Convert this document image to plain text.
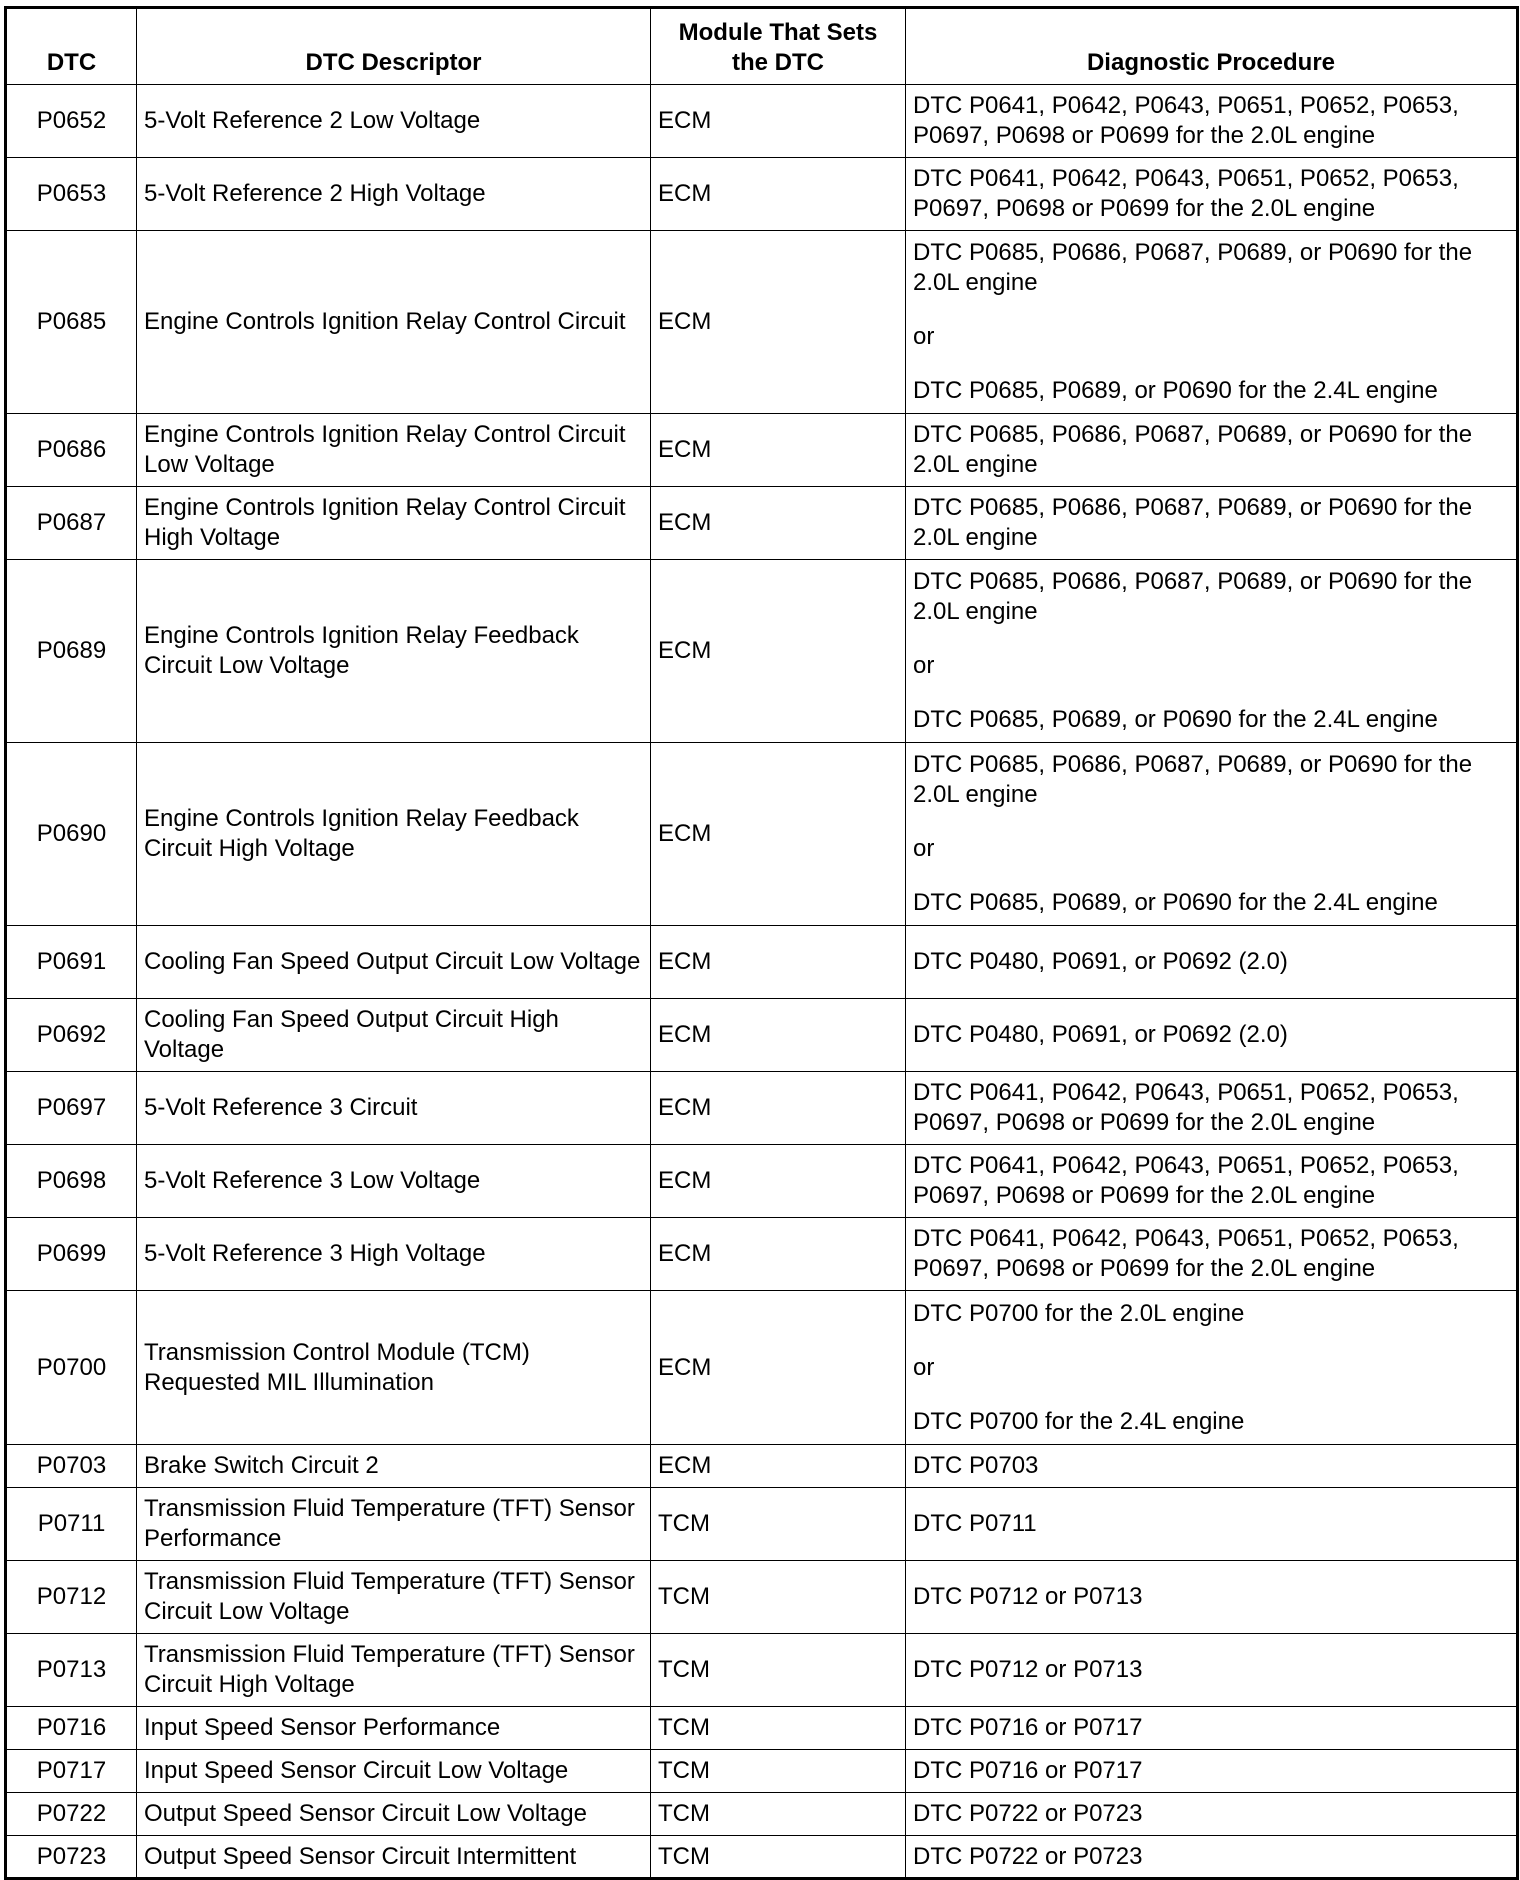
DTC	DTC Descriptor	Module That Sets the DTC	Diagnostic Procedure
P0652	5-Volt Reference 2 Low Voltage	ECM	DTC P0641, P0642, P0643, P0651, P0652, P0653, P0697, P0698 or P0699 for the 2.0L engine

P0653	5-Volt Reference 2 High Voltage	ECM	DTC P0641, P0642, P0643, P0651, P0652, P0653, P0697, P0698 or P0699 for the 2.0L engine

P0685	Engine Controls Ignition Relay Control Circuit	ECM	DTC P0685, P0686, P0687, P0689, or P0690 for the 2.0L engine
or
DTC P0685, P0689, or P0690 for the 2.4L engine

P0686	Engine Controls Ignition Relay Control Circuit Low Voltage	ECM	DTC P0685, P0686, P0687, P0689, or P0690 for the 2.0L engine

P0687	Engine Controls Ignition Relay Control Circuit High Voltage	ECM	DTC P0685, P0686, P0687, P0689, or P0690 for the 2.0L engine

P0689	Engine Controls Ignition Relay Feedback Circuit Low Voltage	ECM	DTC P0685, P0686, P0687, P0689, or P0690 for the 2.0L engine
or
DTC P0685, P0689, or P0690 for the 2.4L engine

P0690	Engine Controls Ignition Relay Feedback Circuit High Voltage	ECM	DTC P0685, P0686, P0687, P0689, or P0690 for the 2.0L engine
or
DTC P0685, P0689, or P0690 for the 2.4L engine

P0691	Cooling Fan Speed Output Circuit Low Voltage	ECM	DTC P0480, P0691, or P0692 (2.0)

P0692	Cooling Fan Speed Output Circuit High Voltage	ECM	DTC P0480, P0691, or P0692 (2.0)

P0697	5-Volt Reference 3 Circuit	ECM	DTC P0641, P0642, P0643, P0651, P0652, P0653, P0697, P0698 or P0699 for the 2.0L engine

P0698	5-Volt Reference 3 Low Voltage	ECM	DTC P0641, P0642, P0643, P0651, P0652, P0653, P0697, P0698 or P0699 for the 2.0L engine

P0699	5-Volt Reference 3 High Voltage	ECM	DTC P0641, P0642, P0643, P0651, P0652, P0653, P0697, P0698 or P0699 for the 2.0L engine

P0700	Transmission Control Module (TCM) Requested MIL Illumination	ECM	DTC P0700 for the 2.0L engine
or
DTC P0700 for the 2.4L engine

P0703	Brake Switch Circuit 2	ECM	DTC P0703

P0711	Transmission Fluid Temperature (TFT) Sensor Performance	TCM	DTC P0711

P0712	Transmission Fluid Temperature (TFT) Sensor Circuit Low Voltage	TCM	DTC P0712 or P0713

P0713	Transmission Fluid Temperature (TFT) Sensor Circuit High Voltage	TCM	DTC P0712 or P0713

P0716	Input Speed Sensor Performance	TCM	DTC P0716 or P0717

P0717	Input Speed Sensor Circuit Low Voltage	TCM	DTC P0716 or P0717

P0722	Output Speed Sensor Circuit Low Voltage	TCM	DTC P0722 or P0723

P0723	Output Speed Sensor Circuit Intermittent	TCM	DTC P0722 or P0723
